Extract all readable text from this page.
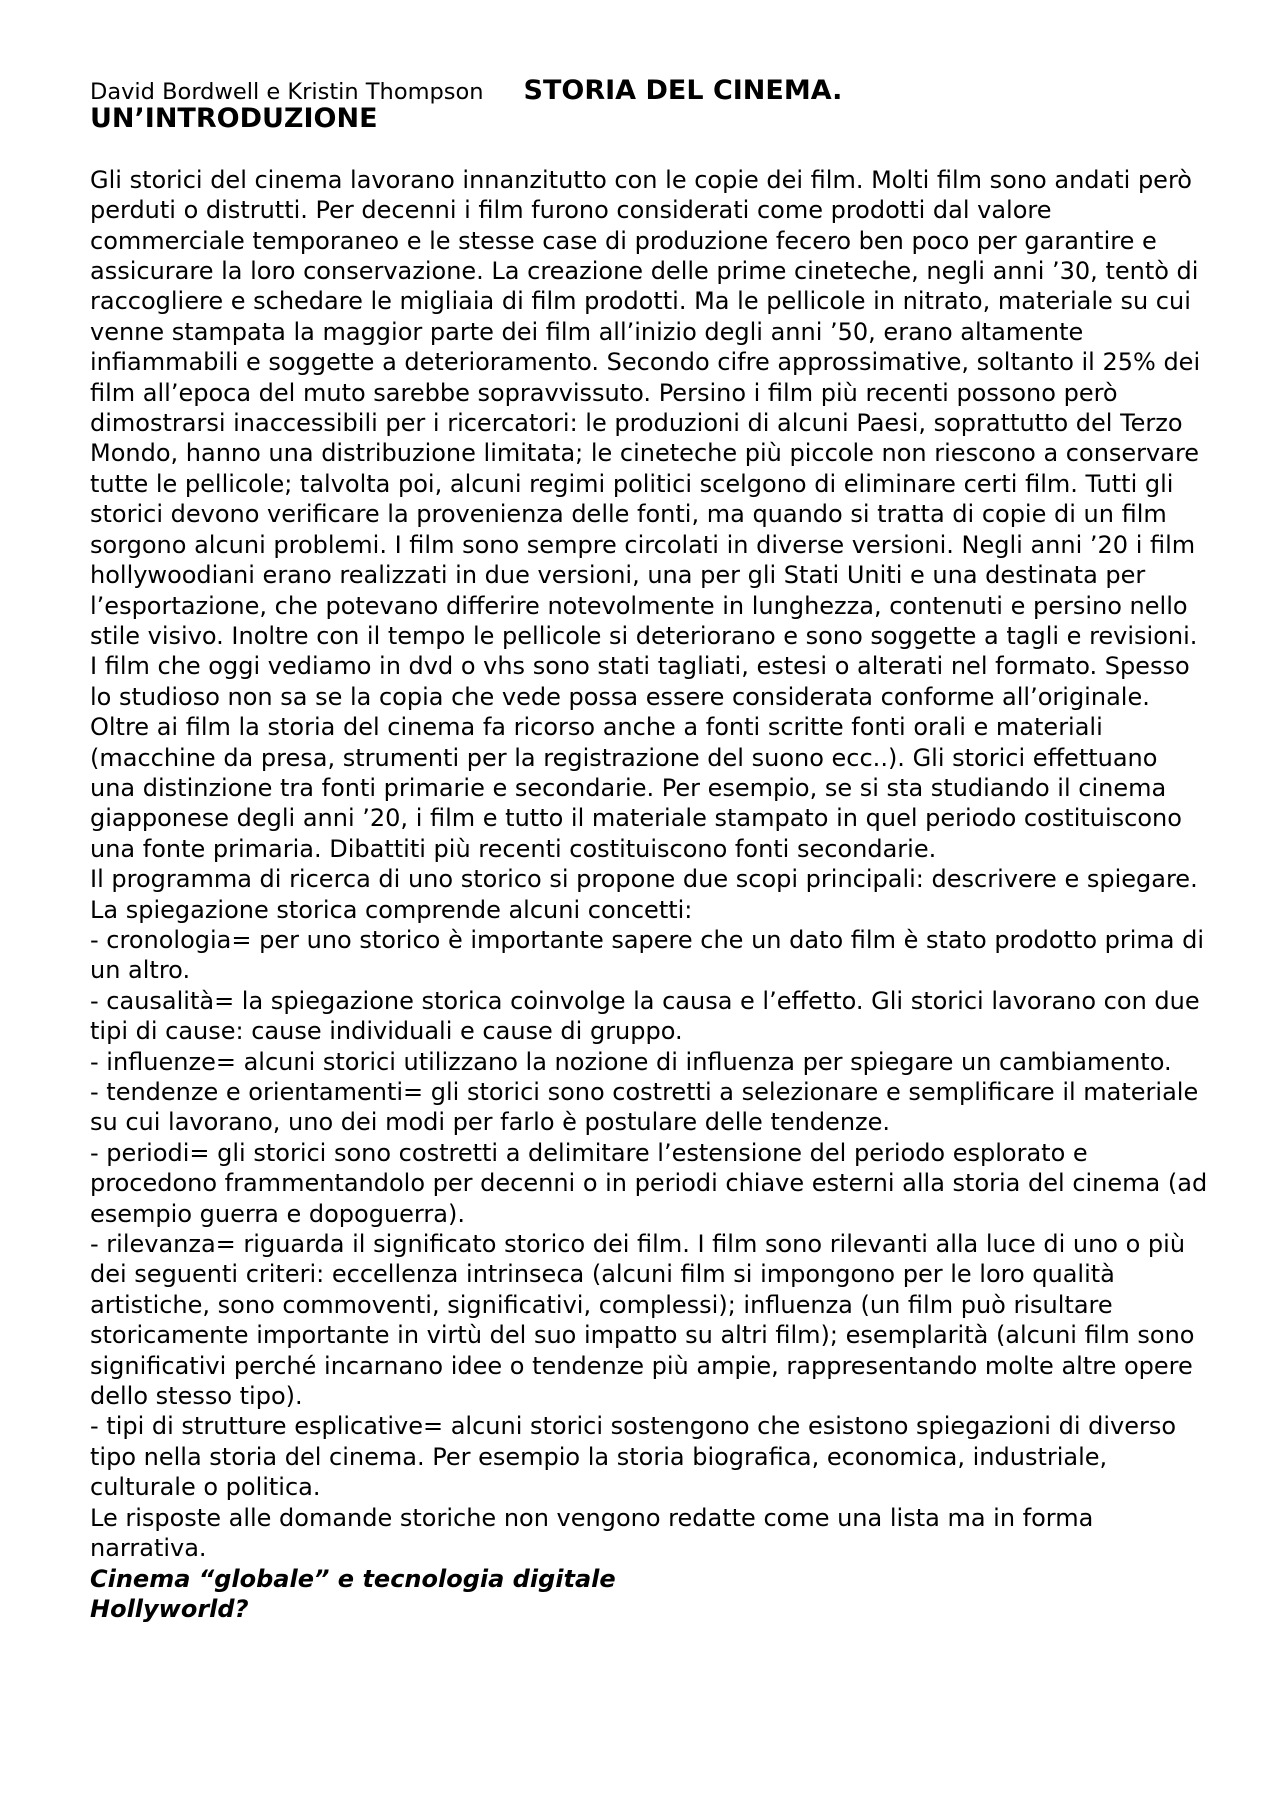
David Bordwell e Kristin Thompson STORIA DEL CINEMA.
UN’INTRODUZIONE

Gli storici del cinema lavorano innanzitutto con le copie dei film. Molti film sono andati però perduti o distrutti. Per decenni i film furono considerati come prodotti dal valore commerciale temporaneo e le stesse case di produzione fecero ben poco per garantire e assicurare la loro conservazione. La creazione delle prime cineteche, negli anni ’30, tentò di raccogliere e schedare le migliaia di film prodotti. Ma le pellicole in nitrato, materiale su cui venne stampata la maggior parte dei film all’inizio degli anni ’50, erano altamente infiammabili e soggette a deterioramento. Secondo cifre approssimative, soltanto il 25% dei film all’epoca del muto sarebbe sopravvissuto. Persino i film più recenti possono però dimostrarsi inaccessibili per i ricercatori: le produzioni di alcuni Paesi, soprattutto del Terzo Mondo, hanno una distribuzione limitata; le cineteche più piccole non riescono a conservare tutte le pellicole; talvolta poi, alcuni regimi politici scelgono di eliminare certi film. Tutti gli storici devono verificare la provenienza delle fonti, ma quando si tratta di copie di un film sorgono alcuni problemi. I film sono sempre circolati in diverse versioni. Negli anni ’20 i film hollywoodiani erano realizzati in due versioni, una per gli Stati Uniti e una destinata per l’esportazione, che potevano differire notevolmente in lunghezza, contenuti e persino nello stile visivo. Inoltre con il tempo le pellicole si deteriorano e sono soggette a tagli e revisioni. I film che oggi vediamo in dvd o vhs sono stati tagliati, estesi o alterati nel formato. Spesso lo studioso non sa se la copia che vede possa essere considerata conforme all’originale. Oltre ai film la storia del cinema fa ricorso anche a fonti scritte fonti orali e materiali (macchine da presa, strumenti per la registrazione del suono ecc..). Gli storici effettuano una distinzione tra fonti primarie e secondarie. Per esempio, se si sta studiando il cinema giapponese degli anni ’20, i film e tutto il materiale stampato in quel periodo costituiscono una fonte primaria. Dibattiti più recenti costituiscono fonti secondarie.

Il programma di ricerca di uno storico si propone due scopi principali: descrivere e spiegare. La spiegazione storica comprende alcuni concetti:

- cronologia= per uno storico è importante sapere che un dato film è stato prodotto prima di un altro.

- causalità= la spiegazione storica coinvolge la causa e l’effetto. Gli storici lavorano con due tipi di cause: cause individuali e cause di gruppo.

- influenze= alcuni storici utilizzano la nozione di influenza per spiegare un cambiamento.

- tendenze e orientamenti= gli storici sono costretti a selezionare e semplificare il materiale su cui lavorano, uno dei modi per farlo è postulare delle tendenze.

- periodi= gli storici sono costretti a delimitare l’estensione del periodo esplorato e procedono frammentandolo per decenni o in periodi chiave esterni alla storia del cinema (ad esempio guerra e dopoguerra).

- rilevanza= riguarda il significato storico dei film. I film sono rilevanti alla luce di uno o più dei seguenti criteri: eccellenza intrinseca (alcuni film si impongono per le loro qualità artistiche, sono commoventi, significativi, complessi); influenza (un film può risultare storicamente importante in virtù del suo impatto su altri film); esemplarità (alcuni film sono significativi perché incarnano idee o tendenze più ampie, rappresentando molte altre opere dello stesso tipo).

- tipi di strutture esplicative= alcuni storici sostengono che esistono spiegazioni di diverso tipo nella storia del cinema. Per esempio la storia biografica, economica, industriale, culturale o politica.

Le risposte alle domande storiche non vengono redatte come una lista ma in forma narrativa.

Cinema “globale” e tecnologia digitale

Hollyworld?
